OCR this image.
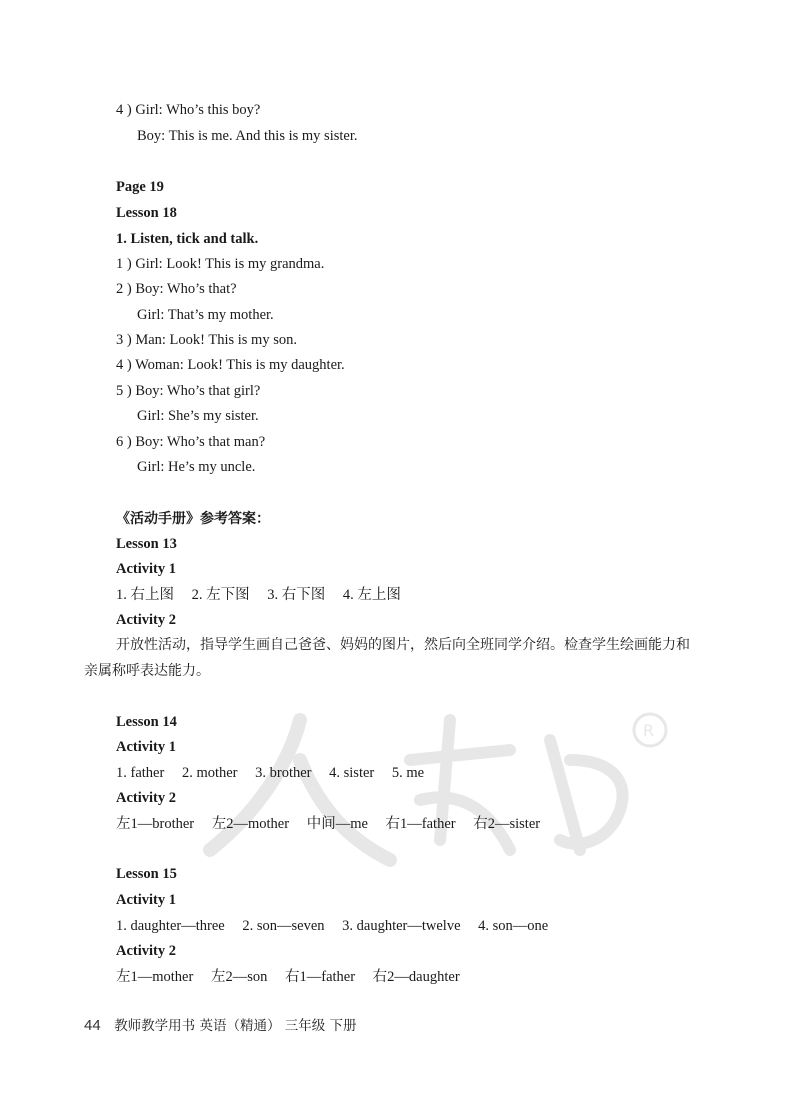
R
4 ) Girl: Who’s this boy?
Boy: This is me. And this is my sister.
Page 19
Lesson 18
1. Listen, tick and talk.
1 ) Girl: Look! This is my grandma.
2 ) Boy: Who’s that?
Girl: That’s my mother.
3 ) Man: Look! This is my son.
4 ) Woman: Look! This is my daughter.
5 ) Boy: Who’s that girl?
Girl: She’s my sister.
6 ) Boy: Who’s that man?
Girl: He’s my uncle.
《活动手册》参考答案：
Lesson 13
Activity 1
1. 右上图 2. 左下图 3. 右下图 4. 左上图
Activity 2
开放性活动，指导学生画自己爸爸、妈妈的图片，然后向全班同学介绍。检查学生绘画能力和亲属称呼表达能力。
Lesson 14
Activity 1
1. father 2. mother 3. brother 4. sister 5. me
Activity 2
左1—brother 左2—mother 中间—me 右1—father 右2—sister
Lesson 15
Activity 1
1. daughter—three 2. son—seven 3. daughter—twelve 4. son—one
Activity 2
左1—mother 左2—son 右1—father 右2—daughter
44 教师教学用书 英语（精通） 三年级 下册
